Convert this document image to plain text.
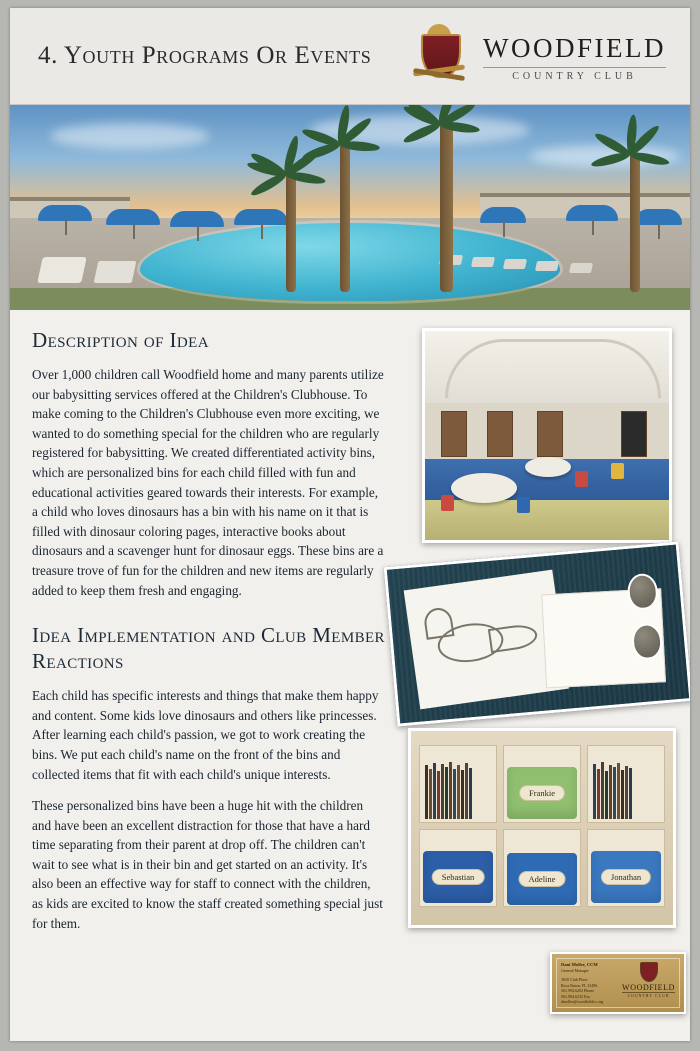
4. Youth Programs Or Events	WOODFIELD
COUNTRY CLUB
Description of Idea

Over 1,000 children call Woodfield home and many parents utilize our babysitting services offered at the Children's Clubhouse. To make coming to the Children's Clubhouse even more exciting, we wanted to do something special for the children who are regularly registered for babysitting. We created differentiated activity bins, which are personalized bins for each child filled with fun and educational activities geared towards their interests. For example, a child who loves dinosaurs has a bin with his name on it that is filled with dinosaur coloring pages, interactive books about dinosaurs and a scavenger hunt for dinosaur eggs. These bins are a treasure trove of fun for the children and new items are regularly added to keep them fresh and engaging.

Idea Implementation and Club Member Reactions

Each child has specific interests and things that make them happy and content. Some kids love dinosaurs and others like princesses. After learning each child's passion, we got to work creating the bins. We put each child's name on the front of the bins and collected items that fit with each child's unique interests.

These personalized bins have been a huge hit with the children and have been an excellent distraction for those that have a hard time separating from their parent at drop off. The children can't wait to see what is in their bin and get started on an activity. It's also been an effective way for staff to connect with the children, as kids are excited to know the staff created something special just for them.

Frankie
Sebastian	Adeline	Jonathan
Dani Moller, CCM
General Manager
3650 Club Place
Boca Raton, FL 33496
561.994.6202 Phone
561.994.6233 Fax
dmoller@woodfieldcc.org
WOODFIELD
COUNTRY CLUB
